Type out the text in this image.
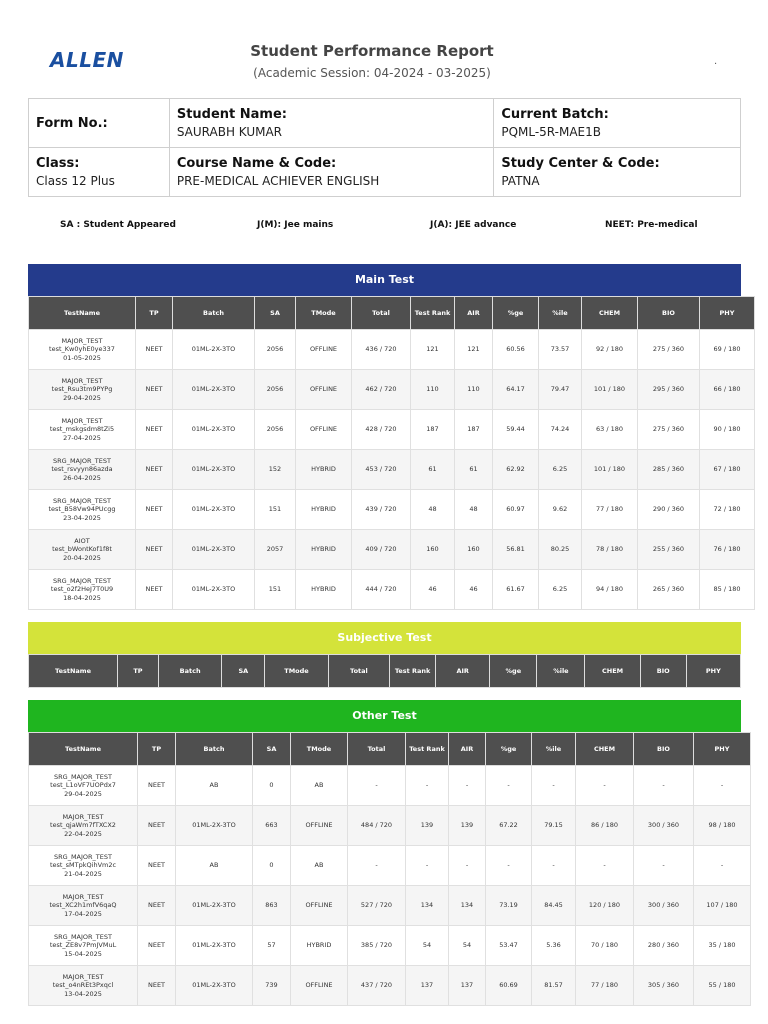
ALLEN	Student Performance Report
(Academic Session: 04-2024 - 03-2025)
.
Form No.:	Student Name:
SAURABH KUMAR	Current Batch:
PQML-5R-MAE1B

Class:
Class 12 Plus	Course Name & Code:
PRE-MEDICAL ACHIEVER ENGLISH	Study Center & Code:
PATNA
SA : Student Appeared	J(M): Jee mains	J(A): JEE advance	NEET: Pre-medical
Main Test
TestName	TP	Batch	SA	TMode	Total	Test Rank	AIR	%ge	%ile	CHEM	BIO	PHY

MAJOR_TEST
test_Kw0yhE0ye337
01-05-2025	NEET	01ML-2X-3TO	2056	OFFLINE	436 / 720	121	121	60.56	73.57	92 / 180	275 / 360	69 / 180

MAJOR_TEST
test_Rsu3tm9PYPg
29-04-2025	NEET	01ML-2X-3TO	2056	OFFLINE	462 / 720	110	110	64.17	79.47	101 / 180	295 / 360	66 / 180

MAJOR_TEST
test_mskgsdm8tZi5
27-04-2025	NEET	01ML-2X-3TO	2056	OFFLINE	428 / 720	187	187	59.44	74.24	63 / 180	275 / 360	90 / 180

SRG_MAJOR_TEST
test_rsvyyn86azda
26-04-2025	NEET	01ML-2X-3TO	152	HYBRID	453 / 720	61	61	62.92	6.25	101 / 180	285 / 360	67 / 180

SRG_MAJOR_TEST
test_B58Vw94PUcgg
23-04-2025	NEET	01ML-2X-3TO	151	HYBRID	439 / 720	48	48	60.97	9.62	77 / 180	290 / 360	72 / 180

AIOT
test_bWontKof1f8t
20-04-2025	NEET	01ML-2X-3TO	2057	HYBRID	409 / 720	160	160	56.81	80.25	78 / 180	255 / 360	76 / 180

SRG_MAJOR_TEST
test_o2f2HeJ7T0U9
18-04-2025	NEET	01ML-2X-3TO	151	HYBRID	444 / 720	46	46	61.67	6.25	94 / 180	265 / 360	85 / 180
Subjective Test
TestName	TP	Batch	SA	TMode	Total	Test Rank	AIR	%ge	%ile	CHEM	BIO	PHY
Other Test
TestName	TP	Batch	SA	TMode	Total	Test Rank	AIR	%ge	%ile	CHEM	BIO	PHY

SRG_MAJOR_TEST
test_L1oVF7UOPdx7
29-04-2025	NEET	AB	0	AB	-	-	-	-	-	-	-	-

MAJOR_TEST
test_qjaWm7fTXCX2
22-04-2025	NEET	01ML-2X-3TO	663	OFFLINE	484 / 720	139	139	67.22	79.15	86 / 180	300 / 360	98 / 180

SRG_MAJOR_TEST
test_sMTpkQihVm2c
21-04-2025	NEET	AB	0	AB	-	-	-	-	-	-	-	-

MAJOR_TEST
test_XC2h1mfV6qaQ
17-04-2025	NEET	01ML-2X-3TO	863	OFFLINE	527 / 720	134	134	73.19	84.45	120 / 180	300 / 360	107 / 180

SRG_MAJOR_TEST
test_ZE8v7PmJVMuL
15-04-2025	NEET	01ML-2X-3TO	57	HYBRID	385 / 720	54	54	53.47	5.36	70 / 180	280 / 360	35 / 180

MAJOR_TEST
test_o4nREt3Pxqcl
13-04-2025	NEET	01ML-2X-3TO	739	OFFLINE	437 / 720	137	137	60.69	81.57	77 / 180	305 / 360	55 / 180
